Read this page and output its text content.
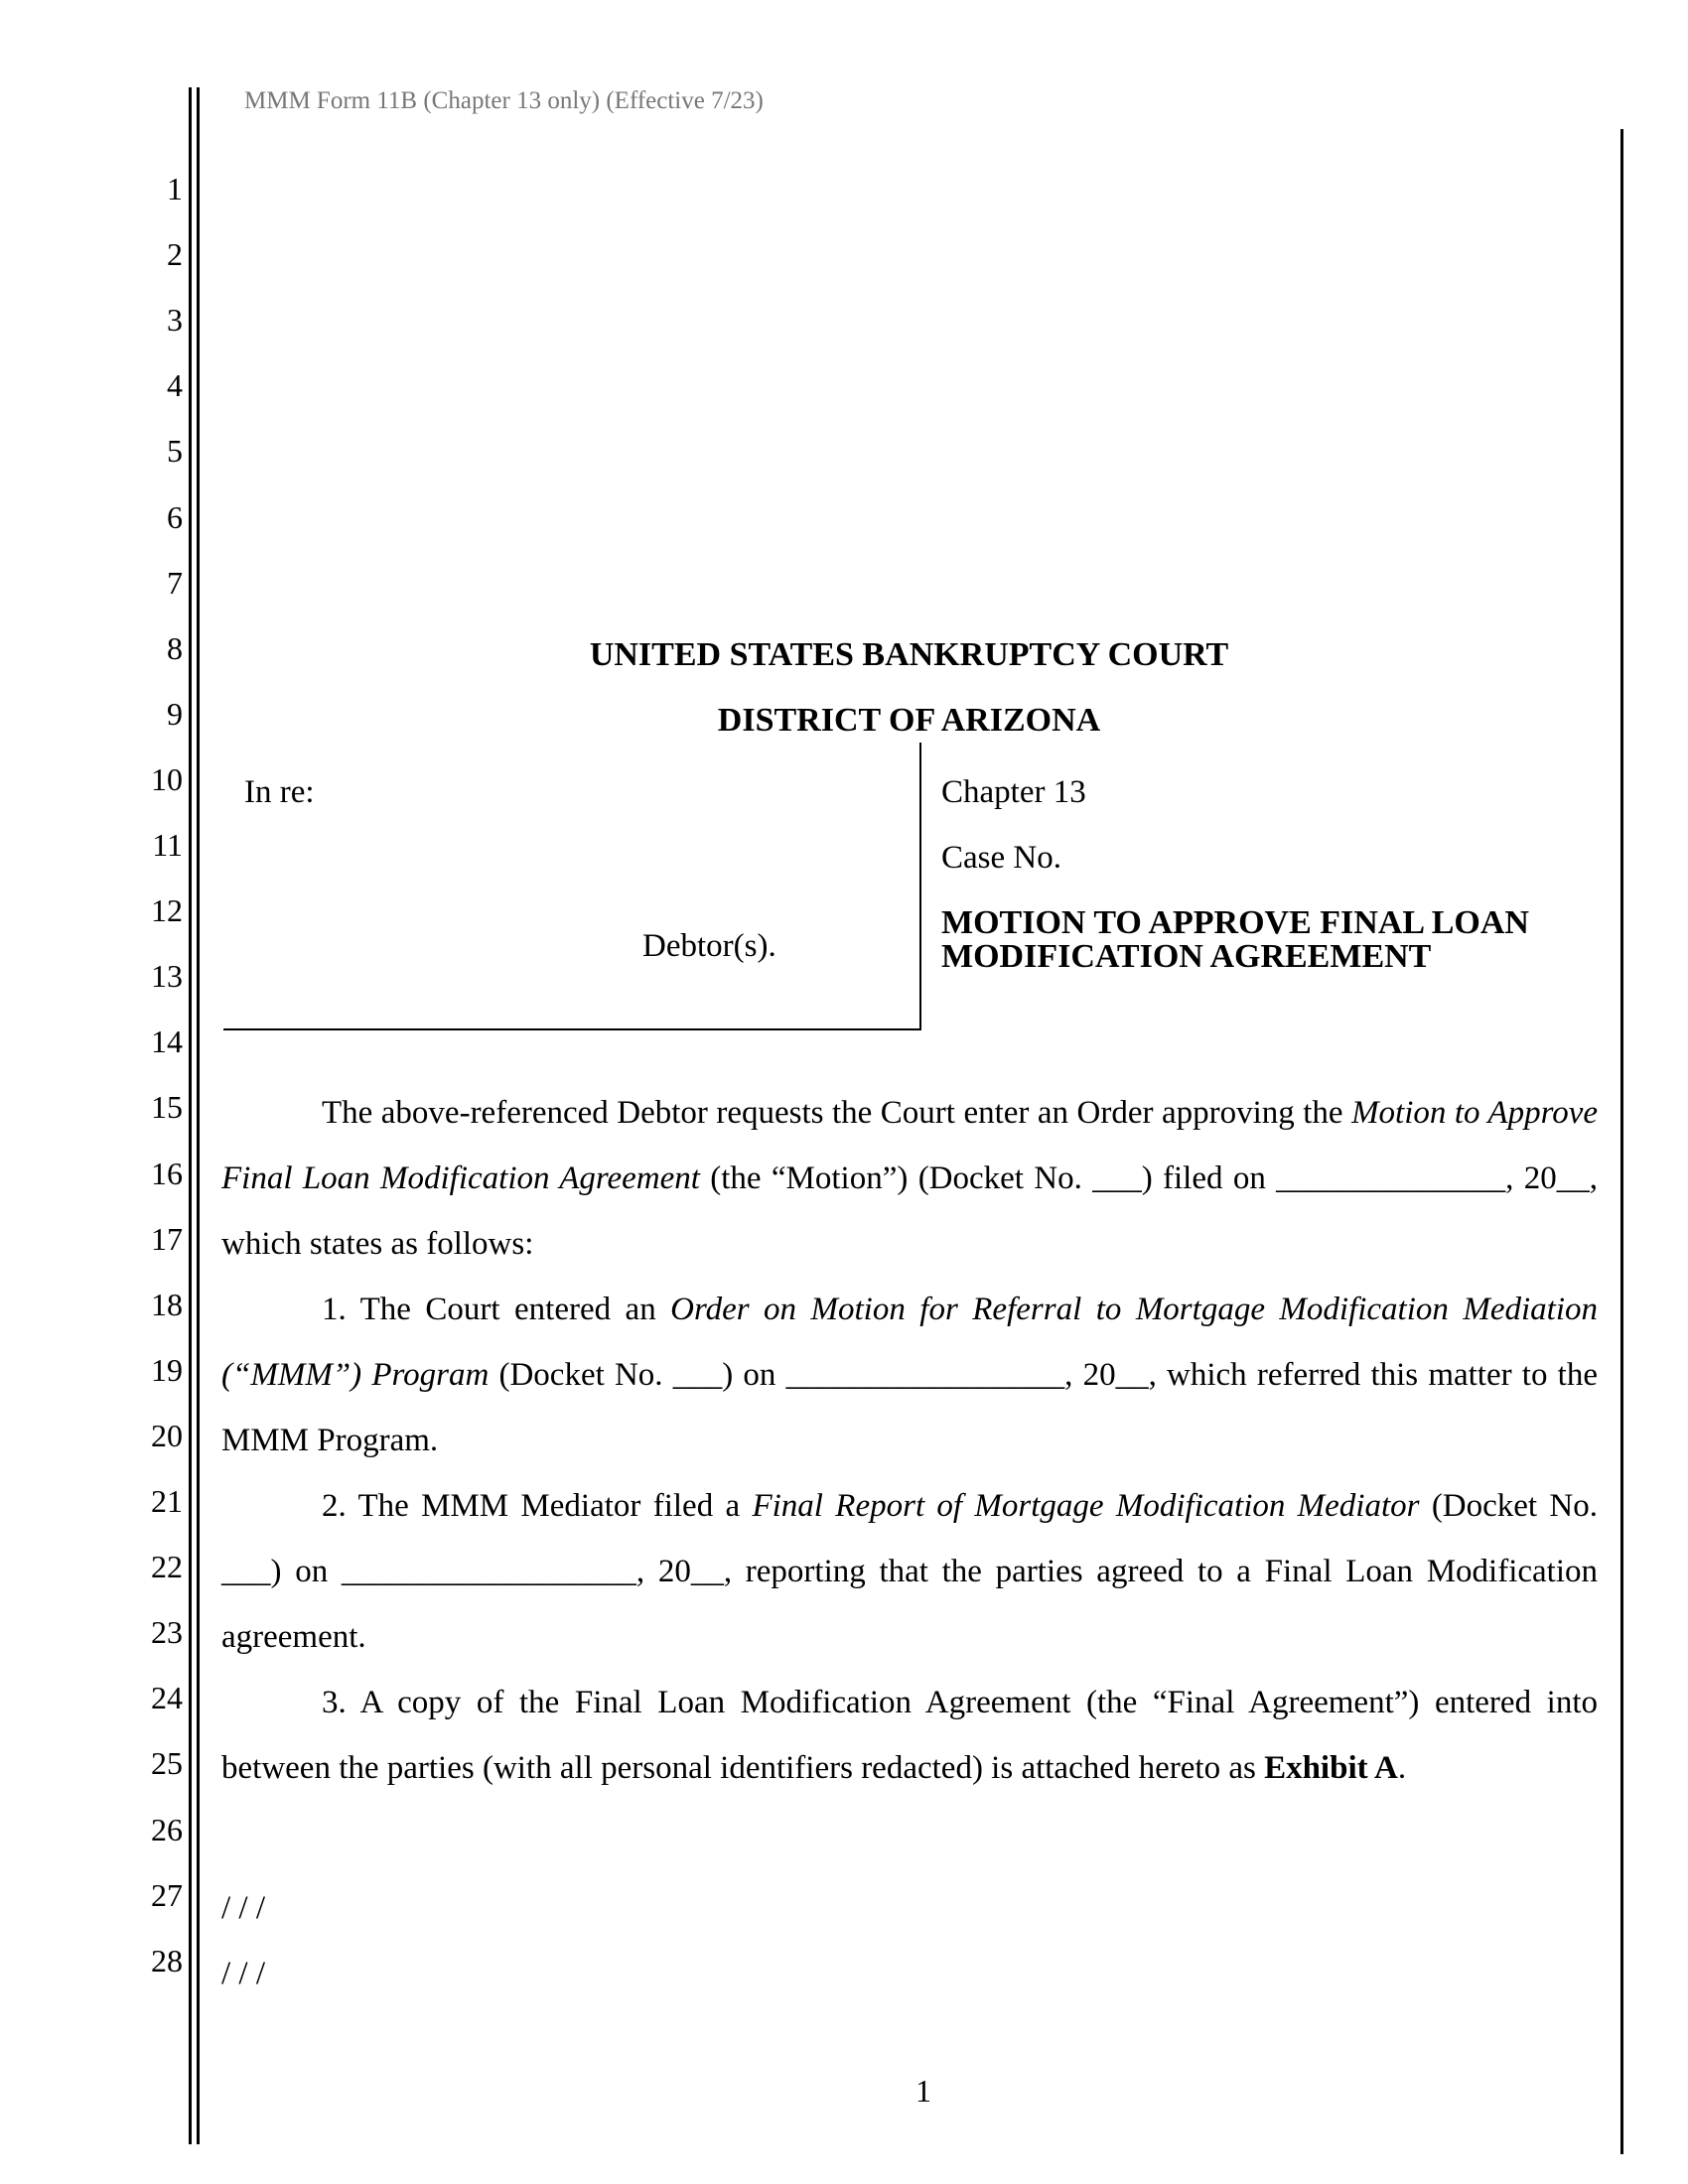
MMM Form 11B (Chapter 13 only) (Effective 7/23)
1
2
3
4
5
6
7
8
9
10
11
12
13
14
15
16
17
18
19
20
21
22
23
24
25
26
27
28
UNITED STATES BANKRUPTCY COURT
DISTRICT OF ARIZONA
In re:
Debtor(s).
Chapter 13
Case No.
MOTION TO APPROVE FINAL LOAN
MODIFICATION AGREEMENT

The above-referenced Debtor requests the Court enter an Order approving the Motion to Approve Final Loan Modification Agreement (the “Motion”) (Docket No. ___) filed on ______________, 20__, which states as follows:

1. The Court entered an Order on Motion for Referral to Mortgage Modification Mediation (“MMM”) Program (Docket No. ___) on _________________, 20__, which referred this matter to the MMM Program.

2. The MMM Mediator filed a Final Report of Mortgage Modification Mediator (Docket No. ___) on __________________, 20__, reporting that the parties agreed to a Final Loan Modification agreement.

3. A copy of the Final Loan Modification Agreement (the “Final Agreement”) entered into between the parties (with all personal identifiers redacted) is attached hereto as Exhibit A.

/ / /
/ / /
1
